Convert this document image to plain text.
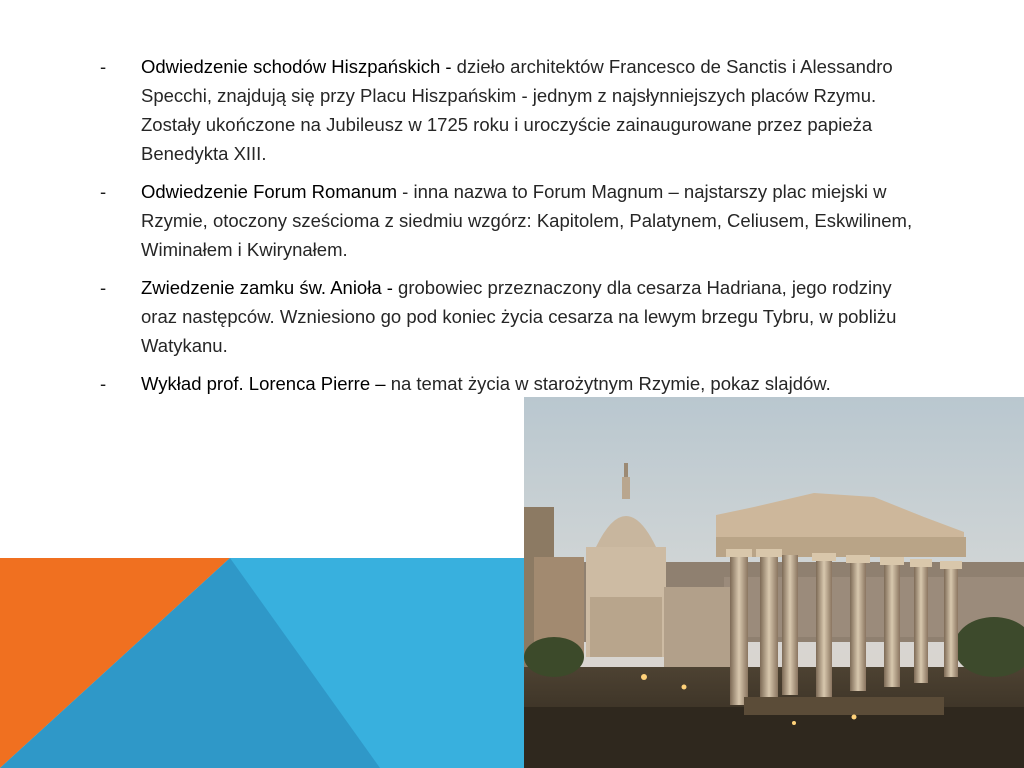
- Odwiedzenie schodów Hiszpańskich - dzieło architektów Francesco de Sanctis i Alessandro Specchi, znajdują się przy Placu Hiszpańskim - jednym z najsłynniejszych placów Rzymu. Zostały ukończone na Jubileusz w 1725 roku i uroczyście zainaugurowane przez papieża Benedykta XIII.
- Odwiedzenie Forum Romanum - inna nazwa to Forum Magnum – najstarszy plac miejski w Rzymie, otoczony sześcioma z siedmiu wzgórz: Kapitolem, Palatynem, Celiusem, Eskwilinem, Wiminałem i Kwirynałem.
- Zwiedzenie zamku św. Anioła - grobowiec przeznaczony dla cesarza Hadriana, jego rodziny oraz następców. Wzniesiono go pod koniec życia cesarza na lewym brzegu Tybru, w pobliżu Watykanu.
- Wykład prof. Lorenca Pierre – na temat życia w starożytnym Rzymie, pokaz slajdów.
